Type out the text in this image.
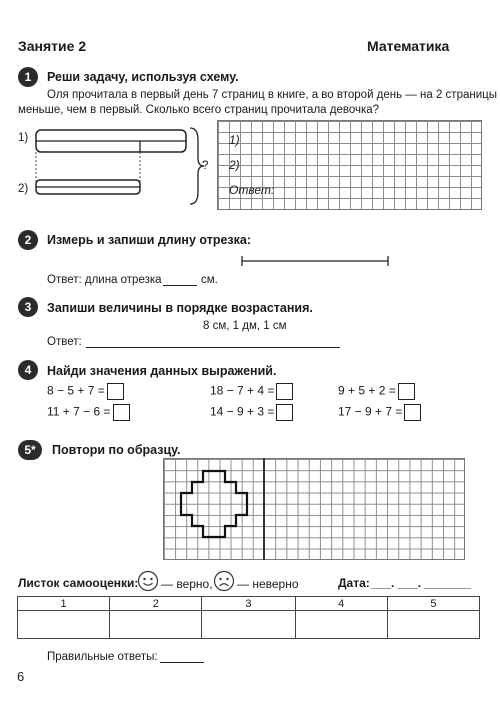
Занятие 2	Математика
1	Реши задачу, используя схему.
Оля прочитала в первый день 7 страниц в книге, а во второй день — на 2 страницы
меньше, чем в первый. Сколько всего страниц прочитала девочка?
1)
2)
?
1)
2)
Ответ:
2	Измерь и запиши длину отрезка:
Ответ: длина отрезка	см.
3	Запиши величины в порядке возрастания.
8 см, 1 дм, 1 см
Ответ:
4	Найди значения данных выражений.
8 − 5 + 7 =	18 − 7 + 4 =	9 + 5 + 2 =
11 + 7 − 6 =	14 − 9 + 3 =	17 − 9 + 7 =
5*	Повтори по образцу.
Листок самооценки: — верно, — неверно	Дата: ___. ___. _______
1	2	3	4	5

Правильные ответы:
6
